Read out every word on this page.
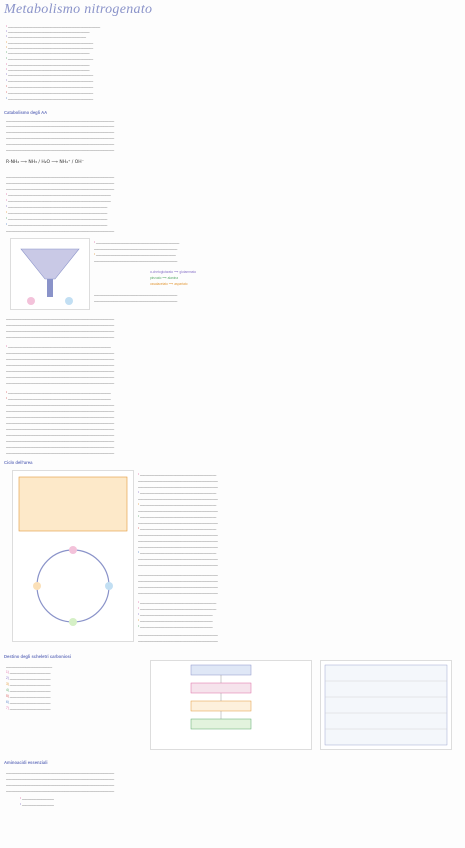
Metabolismo nitrogenato
• ____________________________________________________
• ______________________________________________
• ____________________________________________
• ________________________________________________
• ________________________________________________
• ______________________________________________
• ________________________________________________
• ______________________________________________
• ______________________________________________
• ________________________________________________
• ________________________________________________
• ________________________________________________
• ________________________________________________
• ________________________________________________
Catabolismo degli AA
_____________________________________________________________
_____________________________________________________________
_____________________________________________________________
_____________________________________________________________
_____________________________________________________________
_____________________________________________________________
R-NH₂ ⟶ NH₃ / H₂O ⟶ NH₄⁺ / OH⁻
_____________________________________________________________
_____________________________________________________________
_____________________________________________________________
• __________________________________________________________
• __________________________________________________________
• ________________________________________________________
• ________________________________________________________
• ________________________________________________________
• ________________________________________________________
_____________________________________________________________
• _______________________________________________
_______________________________________________
• _____________________________________________
_______________________________________________
α-chetoglutarato ⟶ glutammato
piruvato ⟶ alanina
ossalacetato ⟶ aspartato
_______________________________________________
_______________________________________________
_____________________________________________________________
_____________________________________________________________
_____________________________________________________________
_____________________________________________________________
• __________________________________________________________
_____________________________________________________________
_____________________________________________________________
_____________________________________________________________
_____________________________________________________________
_____________________________________________________________
_____________________________________________________________
• __________________________________________________________
• __________________________________________________________
_____________________________________________________________
_____________________________________________________________
_____________________________________________________________
_____________________________________________________________
_____________________________________________________________
_____________________________________________________________
_____________________________________________________________
_____________________________________________________________
_____________________________________________________________
Ciclo dell'urea
• ___________________________________________
_____________________________________________
_____________________________________________
• ___________________________________________
_____________________________________________
• ___________________________________________
_____________________________________________
• ___________________________________________
_____________________________________________
• ___________________________________________
_____________________________________________
_____________________________________________
_____________________________________________
• ___________________________________________
_____________________________________________
_____________________________________________
_____________________________________________
_____________________________________________
_____________________________________________
_____________________________________________
• ___________________________________________
• ___________________________________________
• _________________________________________
• _________________________________________
• _________________________________________
_____________________________________________
_____________________________________________
Destino degli scheletri carboniosi
__________________________
1) _______________________
2) _______________________
3) _______________________
4) _______________________
5) _______________________
6) _______________________
7) _______________________
Aminoacidi essenziali
_____________________________________________________________
_____________________________________________________________
_____________________________________________________________
_____________________________________________________________
• __________________
• __________________
